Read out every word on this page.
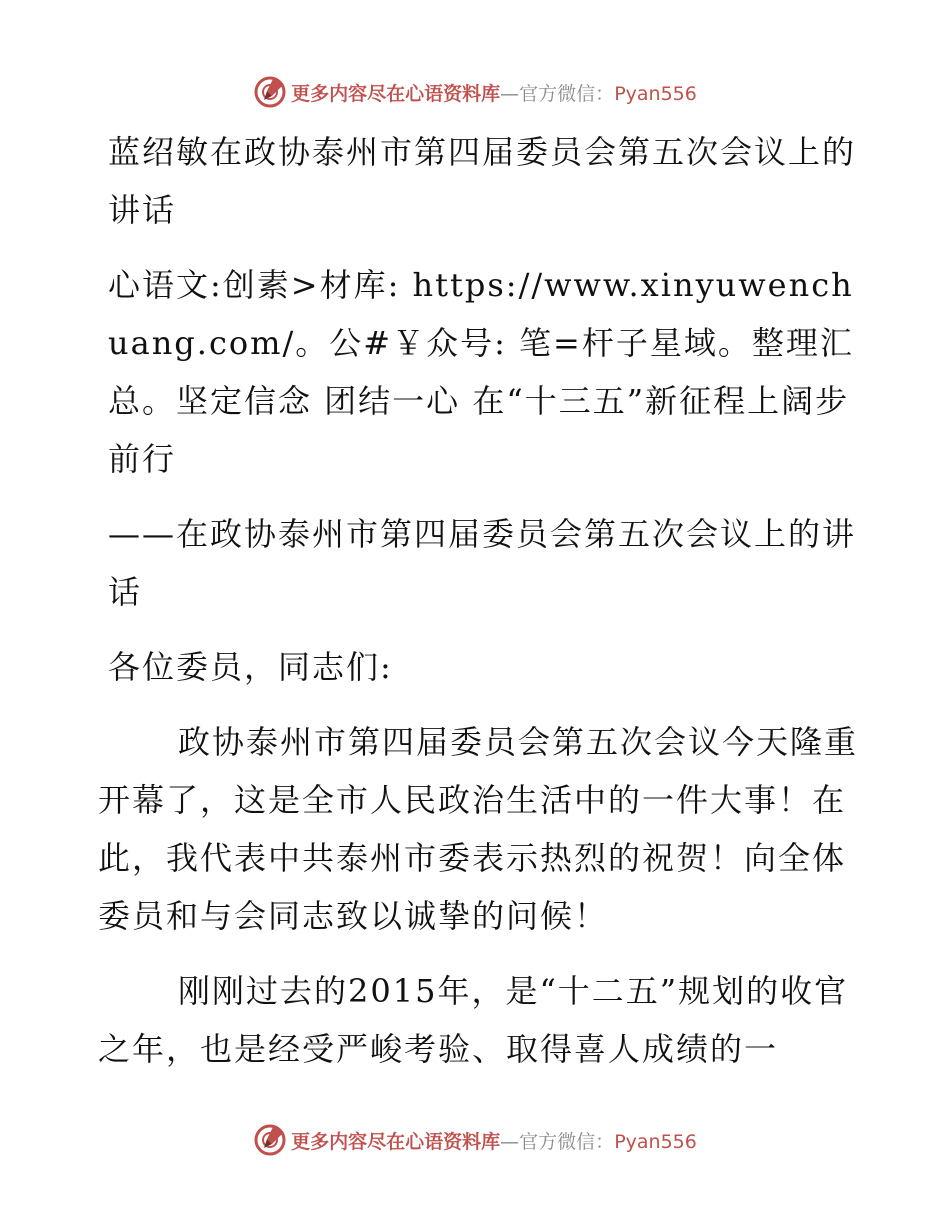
更多内容尽在心语资料库—官方微信：Pyan556

蓝绍敏在政协泰州市第四届委员会第五次会议上的讲话

心语文:创素>材库: https://www.xinyuwenchuang.com/。公#￥众号: 笔=杆子星域。整理汇总。坚定信念 团结一心 在“十三五”新征程上阔步前行

——在政协泰州市第四届委员会第五次会议上的讲话

各位委员，同志们:

政协泰州市第四届委员会第五次会议今天隆重开幕了，这是全市人民政治生活中的一件大事！在此，我代表中共泰州市委表示热烈的祝贺！向全体委员和与会同志致以诚挚的问候！

刚刚过去的2015年，是“十二五”规划的收官之年，也是经受严峻考验、取得喜人成绩的一

更多内容尽在心语资料库—官方微信：Pyan556
